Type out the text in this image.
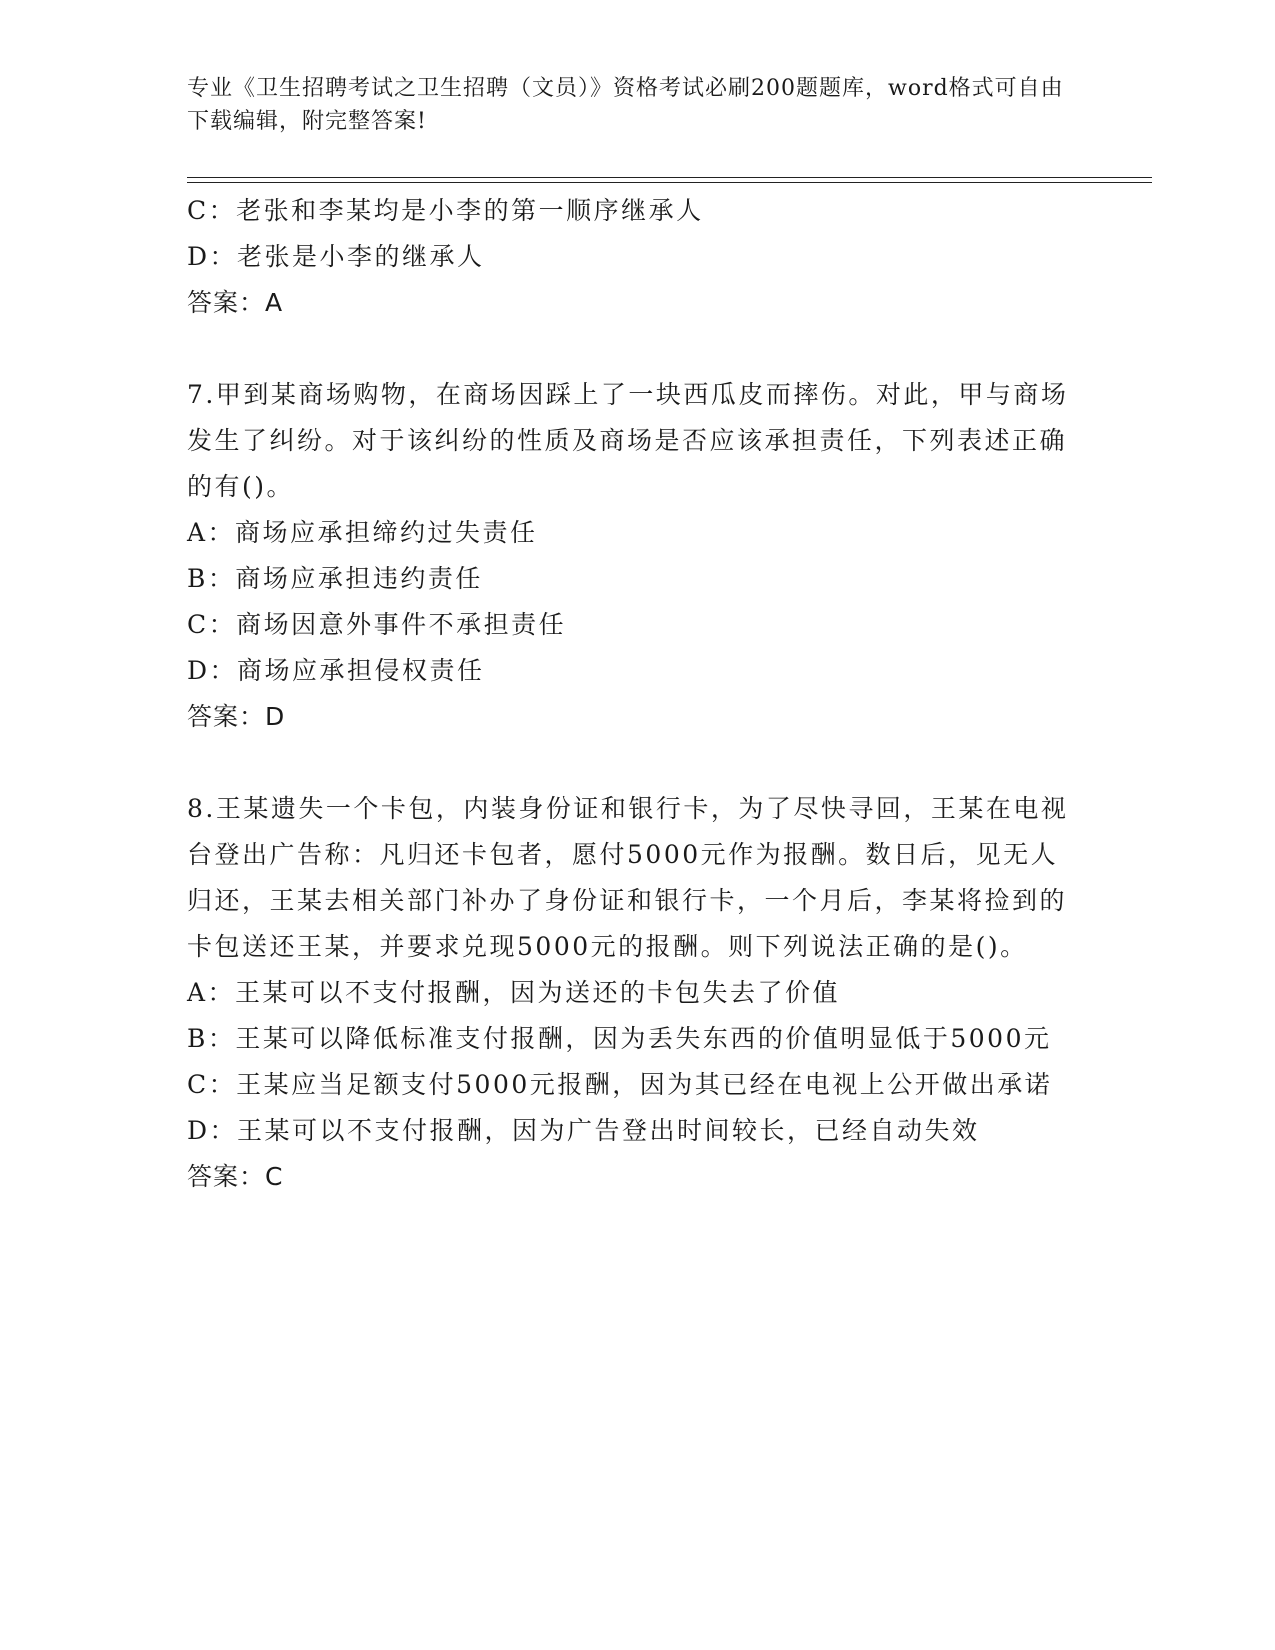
专业《卫生招聘考试之卫生招聘（文员）》资格考试必刷200题题库，word格式可自由下载编辑，附完整答案!

C：老张和李某均是小李的第一顺序继承人

D：老张是小李的继承人

答案：A

7.甲到某商场购物，在商场因踩上了一块西瓜皮而摔伤。对此，甲与商场发生了纠纷。对于该纠纷的性质及商场是否应该承担责任，下列表述正确的有()。

A：商场应承担缔约过失责任

B：商场应承担违约责任

C：商场因意外事件不承担责任

D：商场应承担侵权责任

答案：D

8.王某遗失一个卡包，内装身份证和银行卡，为了尽快寻回，王某在电视台登出广告称：凡归还卡包者，愿付5000元作为报酬。数日后，见无人归还，王某去相关部门补办了身份证和银行卡，一个月后，李某将捡到的卡包送还王某，并要求兑现5000元的报酬。则下列说法正确的是()。

A：王某可以不支付报酬，因为送还的卡包失去了价值

B：王某可以降低标准支付报酬，因为丢失东西的价值明显低于5000元

C：王某应当足额支付5000元报酬，因为其已经在电视上公开做出承诺

D：王某可以不支付报酬，因为广告登出时间较长，已经自动失效

答案：C
